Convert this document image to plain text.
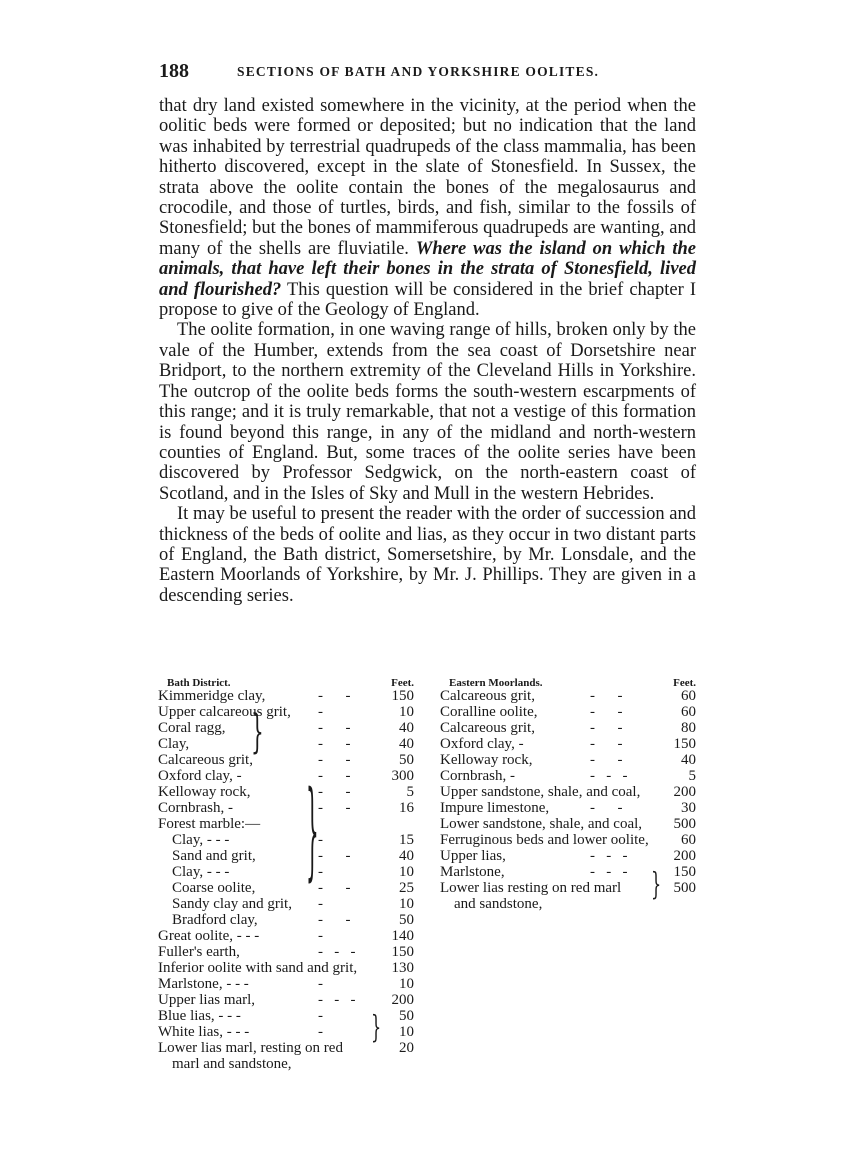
188	SECTIONS OF BATH AND YORKSHIRE OOLITES.

that dry land existed somewhere in the vicinity, at the period when the oolitic beds were formed or deposited; but no indication that the land was inhabited by terrestrial quadrupeds of the class mammalia, has been hitherto discovered, except in the slate of Stonesfield. In Sussex, the strata above the oolite contain the bones of the megalosaurus and crocodile, and those of turtles, birds, and fish, similar to the fossils of Stonesfield; but the bones of mammiferous quadrupeds are wanting, and many of the shells are fluviatile. Where was the island on which the animals, that have left their bones in the strata of Stonesfield, lived and flourished? This question will be considered in the brief chapter I propose to give of the Geology of England.

The oolite formation, in one waving range of hills, broken only by the vale of the Humber, extends from the sea coast of Dorsetshire near Bridport, to the northern extremity of the Cleveland Hills in Yorkshire. The outcrop of the oolite beds forms the south-western escarpments of this range; and it is truly remarkable, that not a vestige of this formation is found beyond this range, in any of the midland and north-western counties of England. But, some traces of the oolite series have been discovered by Professor Sedgwick, on the north-eastern coast of Scotland, and in the Isles of Sky and Mull in the western Hebrides.

It may be useful to present the reader with the order of succession and thickness of the beds of oolite and lias, as they occur in two distant parts of England, the Bath district, Somersetshire, by Mr. Lonsdale, and the Eastern Moorlands of Yorkshire, by Mr. J. Phillips. They are given in a descending series.

Bath District.	Feet.
Kimmeridge clay,	-      -	150
Upper calcareous grit, -	10
Coral ragg,	-      -	40
Clay,	-      -	40
Calcareous grit,	-      -	50
Oxford clay, -	-      -	300
Kelloway rock,	-      -	5
Cornbrash, -	-      -	16
Forest marble:—
Clay, - - -	-	15
Sand and grit,	-      -	40
Clay, - - -	-	10
Coarse oolite,	-      -	25
Sandy clay and grit, -	10
Bradford clay,	-      -	50
Great oolite, - - -	-	140
Fuller's earth,	-   -   - 150
Inferior oolite with sand and grit, 130
Marlstone, - - -	-	10
Upper lias marl,	-   -   - 200
Blue lias, - - -	-	50
White lias, - - -	-	10
Lower lias marl, resting on red	20
marl and sandstone,
}
}
}
Eastern Moorlands.	Feet.
Calcareous grit,	-      -	60
Coralline oolite,	-      -	60
Calcareous grit,	-      -	80
Oxford clay, -	-      -	150
Kelloway rock,	-      -	40
Cornbrash, -	-   -   -	5
Upper sandstone, shale, and coal, 200
Impure limestone,	-      -	30
Lower sandstone, shale, and coal, 500
Ferruginous beds and lower oolite, 60
Upper lias,	-   -   -	200
Marlstone,	-   -   -	150
Lower lias resting on red marl	500
and sandstone,
}
